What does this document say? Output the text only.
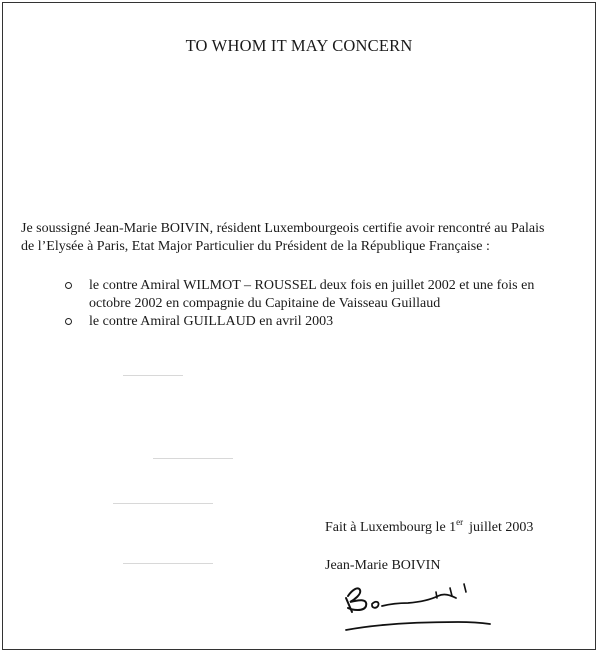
TO WHOM IT MAY CONCERN
Je soussigné Jean-Marie BOIVIN, résident Luxembourgeois certifie avoir rencontré au Palais
de l’Elysée à Paris, Etat Major Particulier du Président de la République Française :
le contre Amiral WILMOT – ROUSSEL deux fois en juillet 2002 et une fois en
octobre 2002 en compagnie du Capitaine de Vaisseau Guillaud
le contre Amiral GUILLAUD en avril 2003
Fait à Luxembourg le 1er juillet 2003
Jean-Marie BOIVIN
